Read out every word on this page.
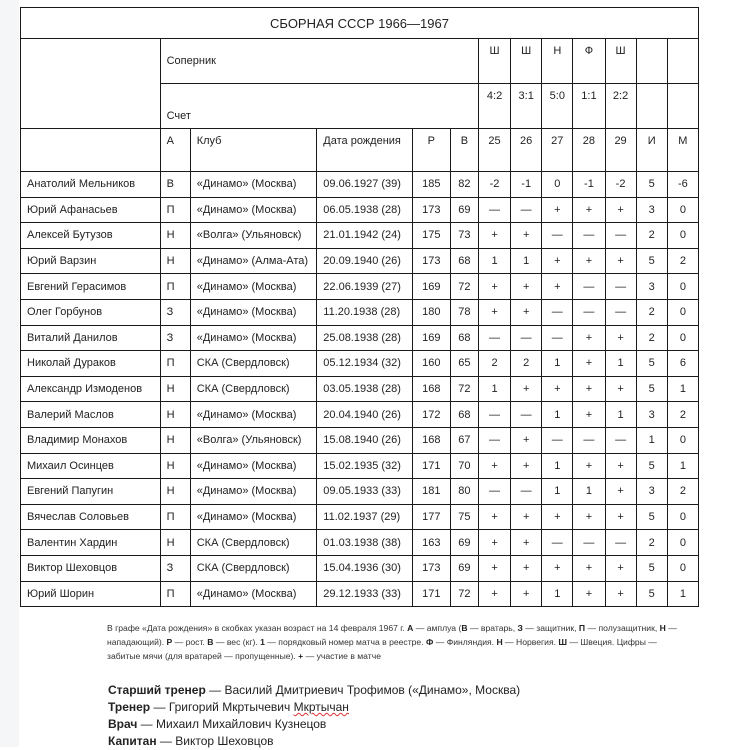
СБОРНАЯ СССР 1966—1967												
	Соперник					Ш	Ш	Н	Ф	Ш		
	Счет					4:2	3:1	5:0	1:1	2:2		
	А	Клуб	Дата рождения	Р	В	25	26	27	28	29	И	М
Анатолий Мельников	В	«Динамо» (Москва)	09.06.1927 (39)	185	82	-2	-1	0	-1	-2	5	-6
Юрий Афанасьев	П	«Динамо» (Москва)	06.05.1938 (28)	173	69	—	—	+	+	+	3	0
Алексей Бутузов	Н	«Волга» (Ульяновск)	21.01.1942 (24)	175	73	+	+	—	—	—	2	0
Юрий Варзин	Н	«Динамо» (Алма-Ата)	20.09.1940 (26)	173	68	1	1	+	+	+	5	2
Евгений Герасимов	П	«Динамо» (Москва)	22.06.1939 (27)	169	72	+	+	+	—	—	3	0
Олег Горбунов	З	«Динамо» (Москва)	11.20.1938 (28)	180	78	+	+	—	—	—	2	0
Виталий Данилов	З	«Динамо» (Москва)	25.08.1938 (28)	169	68	—	—	—	+	+	2	0
Николай Дураков	П	СКА (Свердловск)	05.12.1934 (32)	160	65	2	2	1	+	1	5	6
Александр Измоденов	Н	СКА (Свердловск)	03.05.1938 (28)	168	72	1	+	+	+	+	5	1
Валерий Маслов	Н	«Динамо» (Москва)	20.04.1940 (26)	172	68	—	—	1	+	1	3	2
Владимир Монахов	Н	«Волга» (Ульяновск)	15.08.1940 (26)	168	67	—	+	—	—	—	1	0
Михаил Осинцев	Н	«Динамо» (Москва)	15.02.1935 (32)	171	70	+	+	1	+	+	5	1
Евгений Папугин	Н	«Динамо» (Москва)	09.05.1933 (33)	181	80	—	—	1	1	+	3	2
Вячеслав Соловьев	П	«Динамо» (Москва)	11.02.1937 (29)	177	75	+	+	+	+	+	5	0
Валентин Хардин	Н	СКА (Свердловск)	01.03.1938 (38)	163	69	+	+	—	—	—	2	0
Виктор Шеховцов	З	СКА (Свердловск)	15.04.1936 (30)	173	69	+	+	+	+	+	5	0
Юрий Шорин	П	«Динамо» (Москва)	29.12.1933 (33)	171	72	+	+	1	+	+	5	1
В графе «Дата рождения» в скобках указан возраст на 14 февраля 1967 г. А — амплуа (В — вратарь, З — защитник, П — полузащитник, Н — нападающий). Р — рост. В — вес (кг). 1 — порядковый номер матча в реестре. Ф — Финляндия. Н — Норвегия. Ш — Швеция. Цифры — забитые мячи (для вратарей — пропущенные). + — участие в матче
Старший тренер — Василий Дмитриевич Трофимов («Динамо», Москва)
Тренер — Григорий Мкртычевич Мкртычан
Врач — Михаил Михайлович Кузнецов
Капитан — Виктор Шеховцов
